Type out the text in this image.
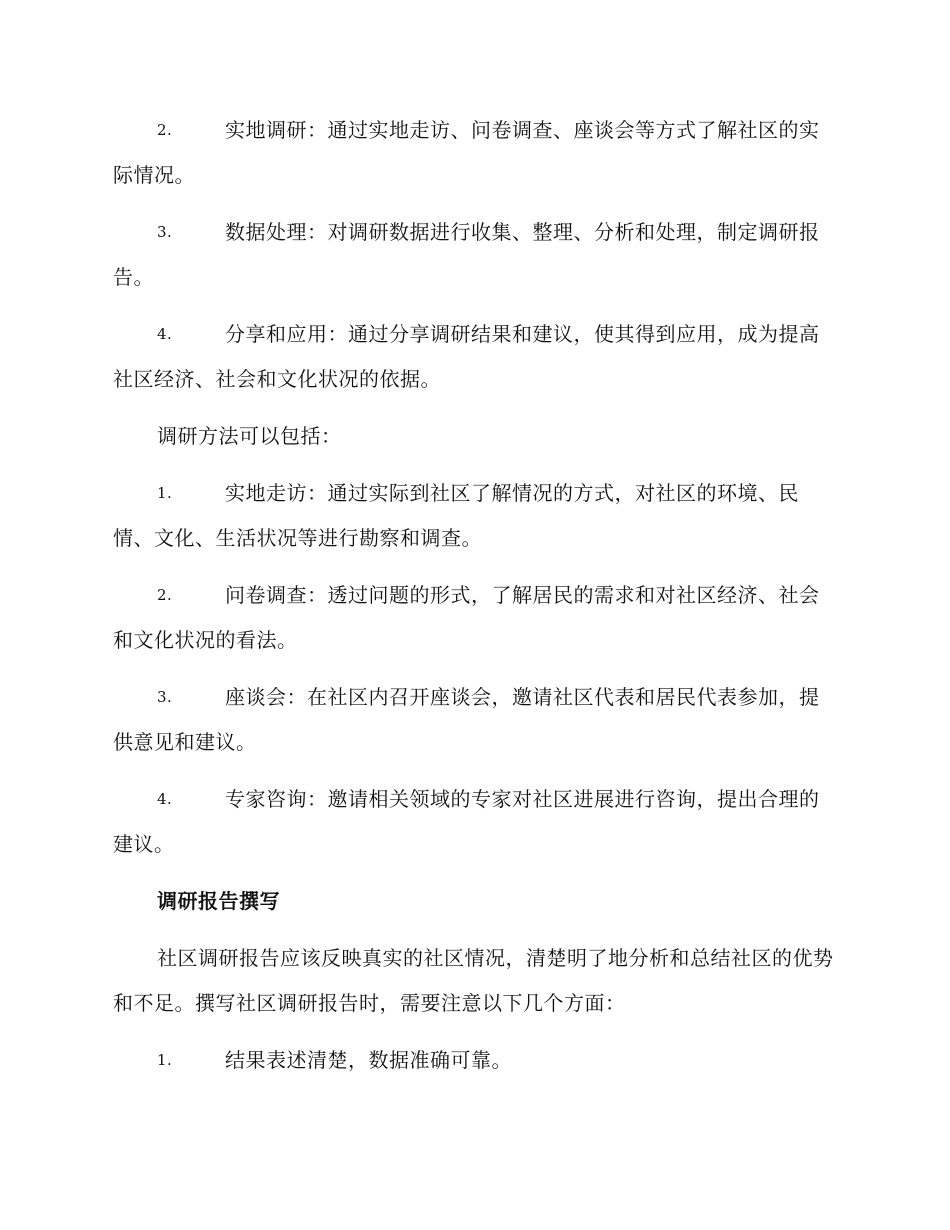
2.	实地调研：通过实地走访、问卷调查、座谈会等方式了解社区的实际情况。
3.	数据处理：对调研数据进行收集、整理、分析和处理，制定调研报告。
4.	分享和应用：通过分享调研结果和建议，使其得到应用，成为提高社区经济、社会和文化状况的依据。
调研方法可以包括：
1.	实地走访：通过实际到社区了解情况的方式，对社区的环境、民情、文化、生活状况等进行勘察和调查。
2.	问卷调查：透过问题的形式，了解居民的需求和对社区经济、社会和文化状况的看法。
3.	座谈会：在社区内召开座谈会，邀请社区代表和居民代表参加，提供意见和建议。
4.	专家咨询：邀请相关领域的专家对社区进展进行咨询，提出合理的建议。
调研报告撰写
社区调研报告应该反映真实的社区情况，清楚明了地分析和总结社区的优势和不足。撰写社区调研报告时，需要注意以下几个方面：
1.	结果表述清楚，数据准确可靠。
